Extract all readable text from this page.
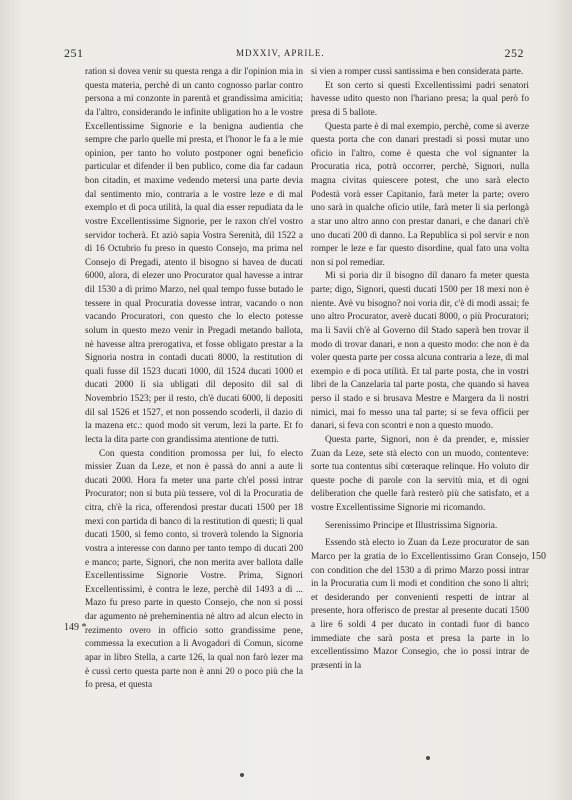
251	MDXXIV, APRILE.	252
149 *
150

ration si dovea venir su questa renga a dir l'opinion mia in questa materia, perchè di un canto cognosso parlar contro persona a mi conzonte in parentà et grandissima amicitia; da l'altro, considerando le infinite ubligation ho a le vostre Excellentissime Signorie e la benigna audientia che sempre che parlo quelle mi presta, et l'honor le fa a le mie opinion, per tanto ho voluto postponer ogni beneficio particular et difender il ben publico, come dia far cadaun bon citadin, et maxime vedendo metersi una parte devia dal sentimento mio, contraria a le vostre leze e di mal exemplo et di poca utilità, la qual dia esser repudiata da le vostre Excellentissime Signorie, per le raxon ch'el vostro servidor tocherà. Et aziò sapia Vostra Serenità, dil 1522 a dì 16 Octubrio fu preso in questo Consejo, ma prima nel Consejo di Pregadi, atento il bisogno si havea de ducati 6000, alora, di elezer uno Procurator qual havesse a intrar dil 1530 a dì primo Marzo, nel qual tempo fusse butado le tessere in qual Procuratia dovesse intrar, vacando o non vacando Procuratori, con questo che lo electo potesse solum in questo mezo venir in Pregadi metando ballota, nè havesse altra prerogativa, et fosse obligato prestar a la Signoria nostra in contadi ducati 8000, la restitution di quali fusse dil 1523 ducati 1000, dil 1524 ducati 1000 et ducati 2000 li sia ubligati dil deposito dil sal di Novembrio 1523; per il resto, ch'è ducati 6000, li depositi dil sal 1526 et 1527, et non possendo scoderli, il dazio di la mazena etc.: quod modo sit verum, lezi la parte. Et fo lecta la dita parte con grandissima atentione de tutti.

Con questa condition promossa per lui, fo electo missier Zuan da Leze, et non è passà do anni a aute li ducati 2000. Hora fa meter una parte ch'el possi intrar Procurator; non si buta più tessere, vol di la Procuratia de citra, ch'è la rica, offerendosi prestar ducati 1500 per 18 mexi con partida di banco di la restitution di questi; li qual ducati 1500, si femo conto, si troverà tolendo la Signoria vostra a interesse con danno per tanto tempo di ducati 200 e manco; parte, Signori, che non merita aver ballota dalle Excellentissime Signorie Vostre. Prima, Signori Excellentissimi, è contra le leze, perchè dil 1493 a dì ... Mazo fu preso parte in questo Consejo, che non si possi dar agumento nè preheminentia nè altro ad alcun electo in rezimento overo in officio sotto grandissime pene, commessa la execution a li Avogadori di Comun, sicome apar in libro Stella, a carte 126, la qual non farò lezer ma è cussì certo questa parte non è anni 20 o poco più che la fo presa, et questa

si vien a romper cussì santissima e ben considerata parte.

Et son certo si questi Excellentissimi padri senatori havesse udito questo non l'hariano presa; la qual però fo presa di 5 ballote.

Questa parte è di mal exempio, perchè, come si averze questa porta che con danari prestadi si possi mutar uno oficio in l'altro, come è questa che vol signanter la Procuratia rica, potrà occorrer, perchè, Signori, nulla magna civitas quiescere potest, che uno sarà electo Podestà vorà esser Capitanio, farà meter la parte; overo uno sarà in qualche oficio utile, farà meter li sia perlongà a star uno altro anno con prestar danari, e che danari ch'è uno ducati 200 di danno. La Republica si pol servir e non romper le leze e far questo disordine, qual fato una volta non si pol remediar.

Mi si poria dir il bisogno dil danaro fa meter questa parte; digo, Signori, questi ducati 1500 per 18 mexi non è niente. Avè vu bisogno? noi voria dir, c'è di modi assai; fe uno altro Procurator, averè ducati 8000, o più Procuratori; ma li Savii ch'è al Governo dil Stado saperà ben trovar il modo di trovar danari, e non a questo modo: che non è da voler questa parte per cossa alcuna contraria a leze, di mal exempio e di poca utilità. Et tal parte posta, che in vostri libri de la Canzelaria tal parte posta, che quando si havea perso il stado e si brusava Mestre e Margera da li nostri nimici, mai fo messo una tal parte; si se feva officii per danari, si feva con scontri e non a questo muodo.

Questa parte, Signori, non è da prender, e, missier Zuan da Leze, sete stà electo con un muodo, contenteve: sorte tua contentus sibi cœteraque relinque. Ho voluto dir queste poche di parole con la servitù mia, et di ogni deliberation che quelle farà resterò più che satisfato, et a vostre Excellentissime Signorie mi ricomando.

Serenissimo Principe et Illustrissima Signoria.

Essendo stà electo io Zuan da Leze procurator de san Marco per la gratia de lo Excellentissimo Gran Consejo, con condition che del 1530 a dì primo Marzo possi intrar in la Procuratia cum li modi et condition che sono li altri; et desiderando per convenienti respetti de intrar al presente, hora offerisco de prestar al presente ducati 1500 a lire 6 soldi 4 per ducato in contadi fuor di banco immediate che sarà posta et presa la parte in lo excellentissimo Mazor Consegio, che io possi intrar de præsenti in la
